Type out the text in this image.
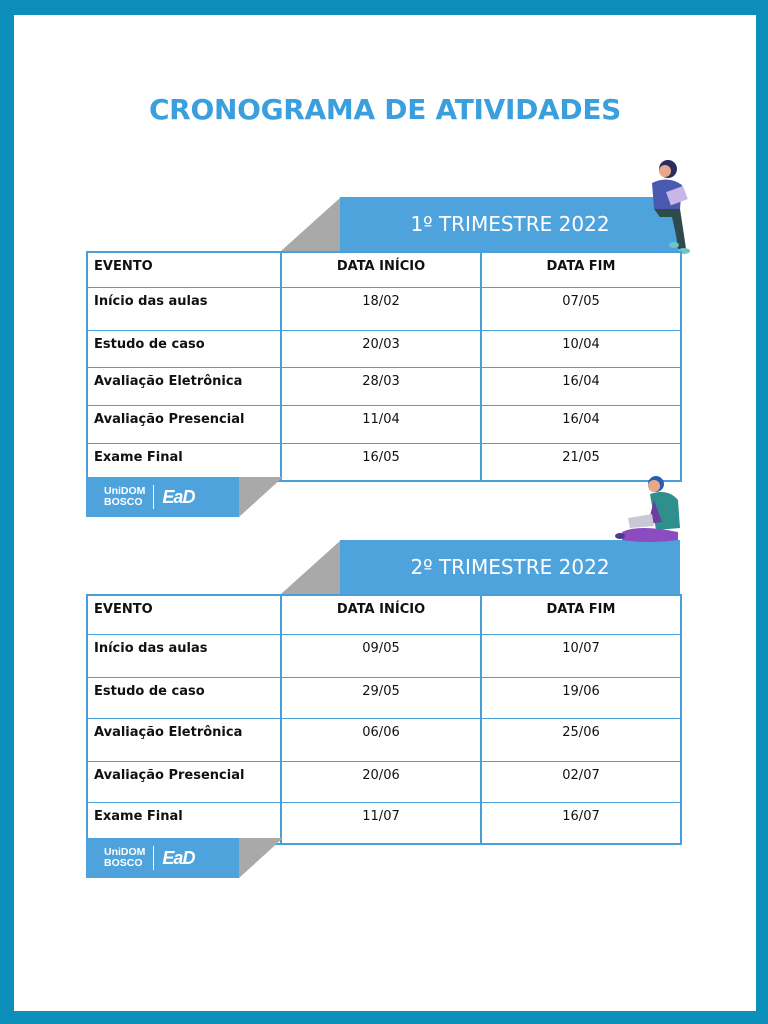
CRONOGRAMA DE ATIVIDADES
1º TRIMESTRE 2022
EVENTO	DATA INÍCIO	DATA FIM
Início das aulas	18/02	07/05
Estudo de caso	20/03	10/04
Avaliação Eletrônica	28/03	16/04
Avaliação Presencial	11/04	16/04
Exame Final	16/05	21/05
UniDOM
BOSCO EaD
2º TRIMESTRE 2022
EVENTO	DATA INÍCIO	DATA FIM
Início das aulas	09/05	10/07
Estudo de caso	29/05	19/06
Avaliação Eletrônica	06/06	25/06
Avaliação Presencial	20/06	02/07
Exame Final	11/07	16/07
UniDOM
BOSCO EaD
